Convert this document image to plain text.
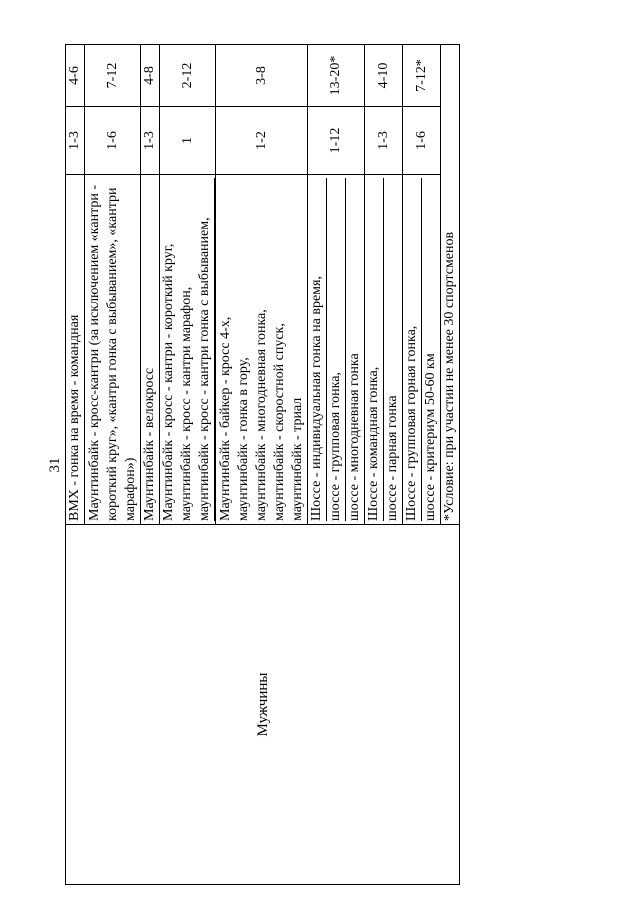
31
Мужчины	BMX - гонка на время - командная	1-3	4-6

	Маунтинбайк - кросс-кантри (за исключением «кантри - короткий круг», «кантри гонка с выбыванием», «кантри марафон»)	1-6	7-12

	Маунтинбайк - велокросс	1-3	4-8

	Маунтинбайк - кросс - кантри - короткий круг, маунтинбайк - кросс - кантри марафон, маунтинбайк - кросс - кантри гонка с выбыванием,	1	2-12

	Маунтинбайк - байкер - кросс 4-х, маунтинбайк - гонка в гору, маунтинбайк - многодневная гонка, маунтинбайк - скоростной спуск, маунтинбайк - триал	1-2	3-8

	Шоссе - индивидуальная гонка на время, шоссе - групповая гонка, шоссе - многодневная гонка	1-12	13-20*

	Шоссе - командная гонка, шоссе - парная гонка	1-3	4-10

	Шоссе - групповая горная гонка, шоссе - критериум 50-60 км	1-6	7-12*
	*Условие: при участии не менее 30 спортсменов		
